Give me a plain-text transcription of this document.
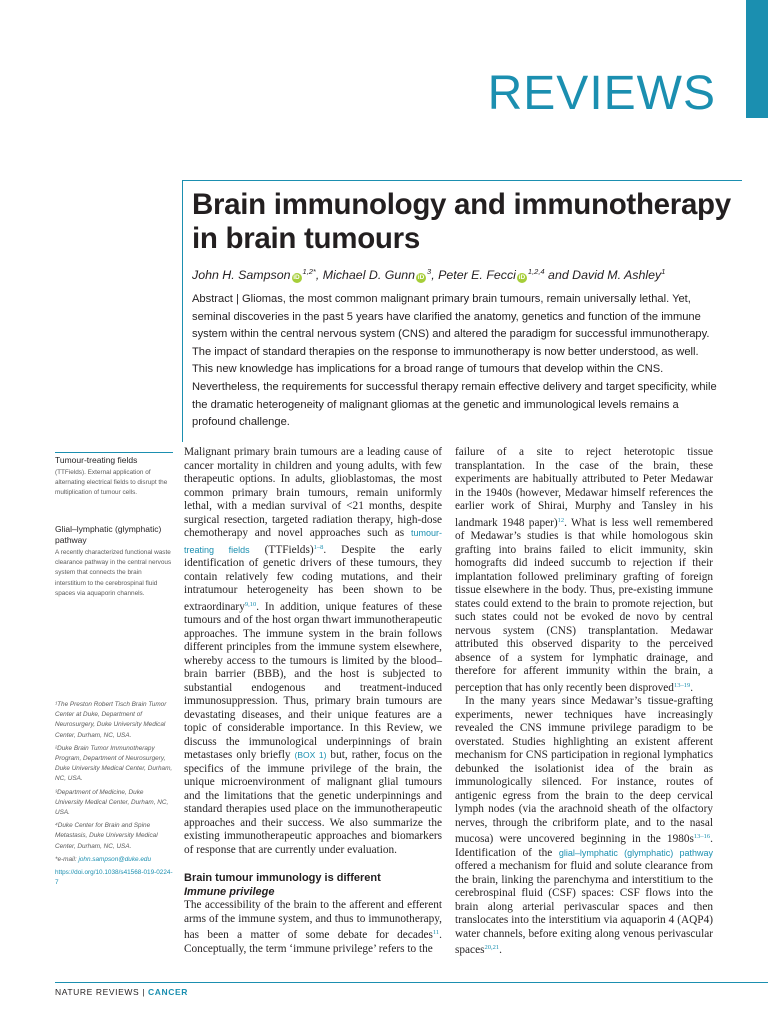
REVIEWS
Brain immunology and immunotherapy in brain tumours
John H. Sampson $iD^{1,2*}$, Michael D. Gunn $iD^3$, Peter E. Fecci iD$^{1,2,4}$ and David M. Ashley$^1$
Abstract | Gliomas, the most common malignant primary brain tumours, remain universally lethal. Yet, seminal discoveries in the past 5 years have clarified the anatomy, genetics and function of the immune system within the central nervous system (CNS) and altered the paradigm for successful immunotherapy. The impact of standard therapies on the response to immunotherapy is now better understood, as well. This new knowledge has implications for a broad range of tumours that develop within the CNS. Nevertheless, the requirements for successful therapy remain effective delivery and target specificity, while the dramatic heterogeneity of malignant gliomas at the genetic and immunological levels remains a profound challenge.
Tumour-treating fields
(TTFields). External application of alternating electrical fields to disrupt the multiplication of tumour cells.
Glial–lymphatic (glymphatic) pathway
A recently characterized functional waste clearance pathway in the central nervous system that connects the brain interstitium to the cerebrospinal fluid spaces via aquaporin channels.
¹The Preston Robert Tisch Brain Tumor Center at Duke, Department of Neurosurgery, Duke University Medical Center, Durham, NC, USA.
²Duke Brain Tumor Immunotherapy Program, Department of Neurosurgery, Duke University Medical Center, Durham, NC, USA.
³Department of Medicine, Duke University Medical Center, Durham, NC, USA.
⁴Duke Center for Brain and Spine Metastasis, Duke University Medical Center, Durham, NC, USA.
*e-mail: john.sampson@duke.edu
https://doi.org/10.1038/s41568-019-0224-7

Malignant primary brain tumours are a leading cause of cancer mortality in children and young adults, with few therapeutic options. In adults, glioblastomas, the most common primary brain tumours, remain uniformly lethal, with a median survival of <21 months, despite surgical resection, targeted radiation therapy, high-dose chemotherapy and novel approaches such as tumour-treating fields (TTFields)$^{1-8}$. Despite the early identification of genetic drivers of these tumours, they contain relatively few coding mutations, and their intratumour heterogeneity has been shown to be extraordinary$^{9,10}$. In addition, unique features of these tumours and of the host organ thwart immunotherapeutic approaches. The immune system in the brain follows different principles from the immune system elsewhere, whereby access to the tumours is limited by the blood–brain barrier (BBB), and the host is subjected to substantial endogenous and treatment-induced immunosuppression. Thus, primary brain tumours are devastating diseases, and their unique features are a topic of considerable importance. In this Review, we discuss the immunological underpinnings of brain metastases only briefly (BOX 1) but, rather, focus on the specifics of the immune privilege of the brain, the unique microenvironment of malignant glial tumours and the limitations that the genetic underpinnings and standard therapies used place on the immunotherapeutic approaches and their success. We also summarize the existing immunotherapeutic approaches and biomarkers of response that are currently under evaluation.

Brain tumour immunology is different
Immune privilege

The accessibility of the brain to the afferent and efferent arms of the immune system, and thus to immunotherapy, has been a matter of some debate for decades$^{11}$. Conceptually, the term ‘immune privilege’ refers to the

failure of a site to reject heterotopic tissue transplantation. In the case of the brain, these experiments are habitually attributed to Peter Medawar in the 1940s (however, Medawar himself references the earlier work of Shirai, Murphy and Tansley in his landmark 1948 paper)$^{12}$. What is less well remembered of Medawar’s studies is that while homologous skin grafting into brains failed to elicit immunity, skin homografts did indeed succumb to rejection if their implantation followed preliminary grafting of foreign tissue elsewhere in the body. Thus, pre-existing immune states could extend to the brain to promote rejection, but such states could not be evoked de novo by central nervous system (CNS) transplantation. Medawar attributed this observed disparity to the perceived absence of a system for lymphatic drainage, and therefore for afferent immunity within the brain, a perception that has only recently been disproved$^{13-19}$.

In the many years since Medawar’s tissue-grafting experiments, newer techniques have increasingly revealed the CNS immune privilege paradigm to be overstated. Studies highlighting an existent afferent mechanism for CNS participation in regional lymphatics debunked the isolationist idea of the brain as immunologically silenced. For instance, routes of antigenic egress from the brain to the deep cervical lymph nodes (via the arachnoid sheath of the olfactory nerves, through the cribriform plate, and to the nasal mucosa) were uncovered beginning in the 1980s$^{13-16}$. Identification of the glial–lymphatic (glymphatic) pathway offered a mechanism for fluid and solute clearance from the brain, linking the parenchyma and interstitium to the cerebrospinal fluid (CSF) spaces: CSF flows into the brain along arterial perivascular spaces and then translocates into the interstitium via aquaporin 4 (AQP4) water channels, before exiting along venous perivascular spaces$^{20,21}$.

NATURE REVIEWS | CANCER
